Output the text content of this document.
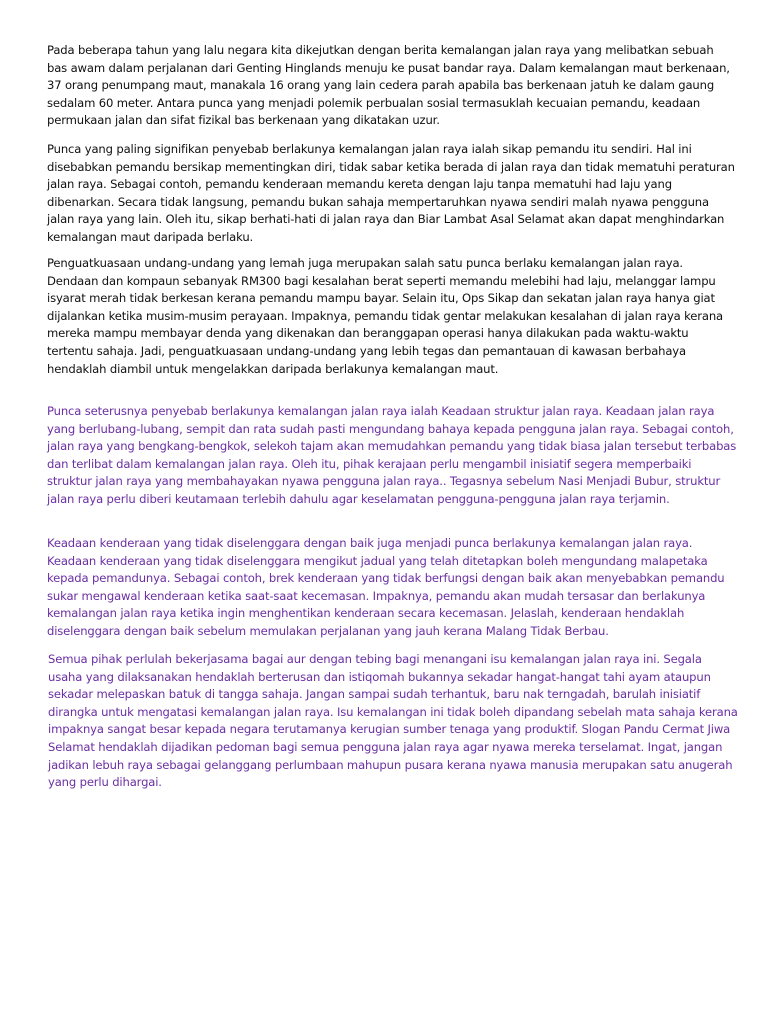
Pada beberapa tahun yang lalu negara kita dikejutkan dengan berita kemalangan jalan raya yang melibatkan sebuah bas awam dalam perjalanan dari Genting Hinglands menuju ke pusat bandar raya. Dalam kemalangan maut berkenaan, 37 orang penumpang maut, manakala 16 orang yang lain cedera parah apabila bas berkenaan jatuh ke dalam gaung sedalam 60 meter. Antara punca yang menjadi polemik perbualan sosial termasuklah kecuaian pemandu, keadaan permukaan jalan dan sifat fizikal bas berkenaan yang dikatakan uzur.

Punca yang paling signifikan penyebab berlakunya kemalangan jalan raya ialah sikap pemandu itu sendiri. Hal ini disebabkan pemandu bersikap mementingkan diri, tidak sabar ketika berada di jalan raya dan tidak mematuhi peraturan jalan raya. Sebagai contoh, pemandu kenderaan memandu kereta dengan laju tanpa mematuhi had laju yang dibenarkan. Secara tidak langsung, pemandu bukan sahaja mempertaruhkan nyawa sendiri malah nyawa pengguna jalan raya yang lain. Oleh itu, sikap berhati-hati di jalan raya dan Biar Lambat Asal Selamat akan dapat menghindarkan kemalangan maut daripada berlaku.

Penguatkuasaan undang-undang yang lemah juga merupakan salah satu punca berlaku kemalangan jalan raya. Dendaan dan kompaun sebanyak RM300 bagi kesalahan berat seperti memandu melebihi had laju, melanggar lampu isyarat merah tidak berkesan kerana pemandu mampu bayar. Selain itu, Ops Sikap dan sekatan jalan raya hanya giat dijalankan ketika musim-musim perayaan. Impaknya, pemandu tidak gentar melakukan kesalahan di jalan raya kerana mereka mampu membayar denda yang dikenakan dan beranggapan operasi hanya dilakukan pada waktu-waktu tertentu sahaja. Jadi, penguatkuasaan undang-undang yang lebih tegas dan pemantauan di kawasan berbahaya hendaklah diambil untuk mengelakkan daripada berlakunya kemalangan maut.

Punca seterusnya penyebab berlakunya kemalangan jalan raya ialah Keadaan struktur jalan raya. Keadaan jalan raya yang berlubang-lubang, sempit dan rata sudah pasti mengundang bahaya kepada pengguna jalan raya. Sebagai contoh, jalan raya yang bengkang-bengkok, selekoh tajam akan memudahkan pemandu yang tidak biasa jalan tersebut terbabas dan terlibat dalam kemalangan jalan raya. Oleh itu, pihak kerajaan perlu mengambil inisiatif segera memperbaiki struktur jalan raya yang membahayakan nyawa pengguna jalan raya.. Tegasnya sebelum Nasi Menjadi Bubur, struktur jalan raya perlu diberi keutamaan terlebih dahulu agar keselamatan pengguna-pengguna jalan raya terjamin.

Keadaan kenderaan yang tidak diselenggara dengan baik juga menjadi punca berlakunya kemalangan jalan raya. Keadaan kenderaan yang tidak diselenggara mengikut jadual yang telah ditetapkan boleh mengundang malapetaka kepada pemandunya. Sebagai contoh, brek kenderaan yang tidak berfungsi dengan baik akan menyebabkan pemandu sukar mengawal kenderaan ketika saat-saat kecemasan. Impaknya, pemandu akan mudah tersasar dan berlakunya kemalangan jalan raya ketika ingin menghentikan kenderaan secara kecemasan. Jelaslah, kenderaan hendaklah diselenggara dengan baik sebelum memulakan perjalanan yang jauh kerana Malang Tidak Berbau.

Semua pihak perlulah bekerjasama bagai aur dengan tebing bagi menangani isu kemalangan jalan raya ini. Segala usaha yang dilaksanakan hendaklah berterusan dan istiqomah bukannya sekadar hangat-hangat tahi ayam ataupun sekadar melepaskan batuk di tangga sahaja. Jangan sampai sudah terhantuk, baru nak terngadah, barulah inisiatif dirangka untuk mengatasi kemalangan jalan raya. Isu kemalangan ini tidak boleh dipandang sebelah mata sahaja kerana impaknya sangat besar kepada negara terutamanya kerugian sumber tenaga yang produktif. Slogan Pandu Cermat Jiwa Selamat hendaklah dijadikan pedoman bagi semua pengguna jalan raya agar nyawa mereka terselamat. Ingat, jangan jadikan lebuh raya sebagai gelanggang perlumbaan mahupun pusara kerana nyawa manusia merupakan satu anugerah yang perlu dihargai.
